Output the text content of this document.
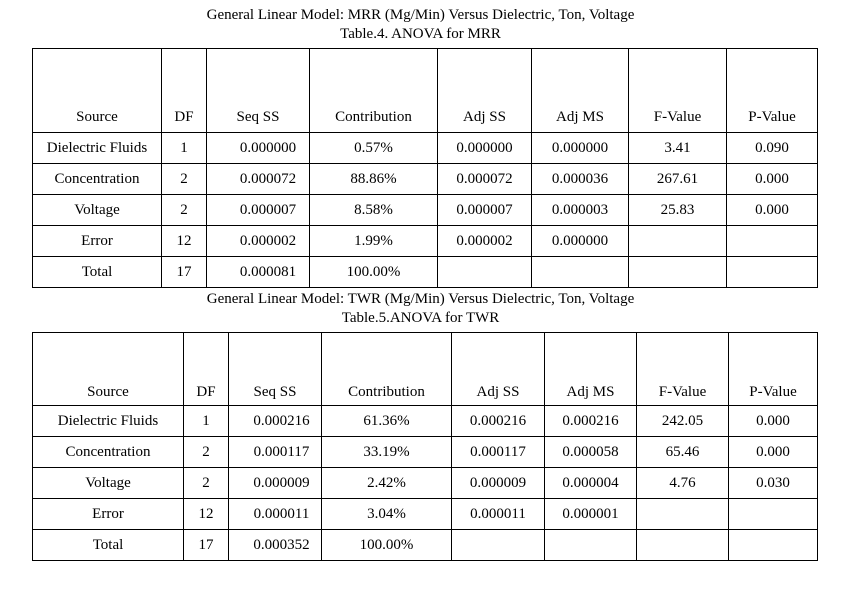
General Linear Model: MRR (Mg/Min) Versus Dielectric, Ton, Voltage
Table.4. ANOVA for MRR
Source	DF	Seq SS	Contribution	Adj SS	Adj MS	F-Value	P-Value
Dielectric Fluids	1	0.000000	0.57%	0.000000	0.000000	3.41	0.090
Concentration	2	0.000072	88.86%	0.000072	0.000036	267.61	0.000
Voltage	2	0.000007	8.58%	0.000007	0.000003	25.83	0.000
Error	12	0.000002	1.99%	0.000002	0.000000		
Total	17	0.000081	100.00%				
General Linear Model: TWR (Mg/Min) Versus Dielectric, Ton, Voltage
Table.5.ANOVA for TWR
Source	DF	Seq SS	Contribution	Adj SS	Adj MS	F-Value	P-Value
Dielectric Fluids	1	0.000216	61.36%	0.000216	0.000216	242.05	0.000
Concentration	2	0.000117	33.19%	0.000117	0.000058	65.46	0.000
Voltage	2	0.000009	2.42%	0.000009	0.000004	4.76	0.030
Error	12	0.000011	3.04%	0.000011	0.000001		
Total	17	0.000352	100.00%				
